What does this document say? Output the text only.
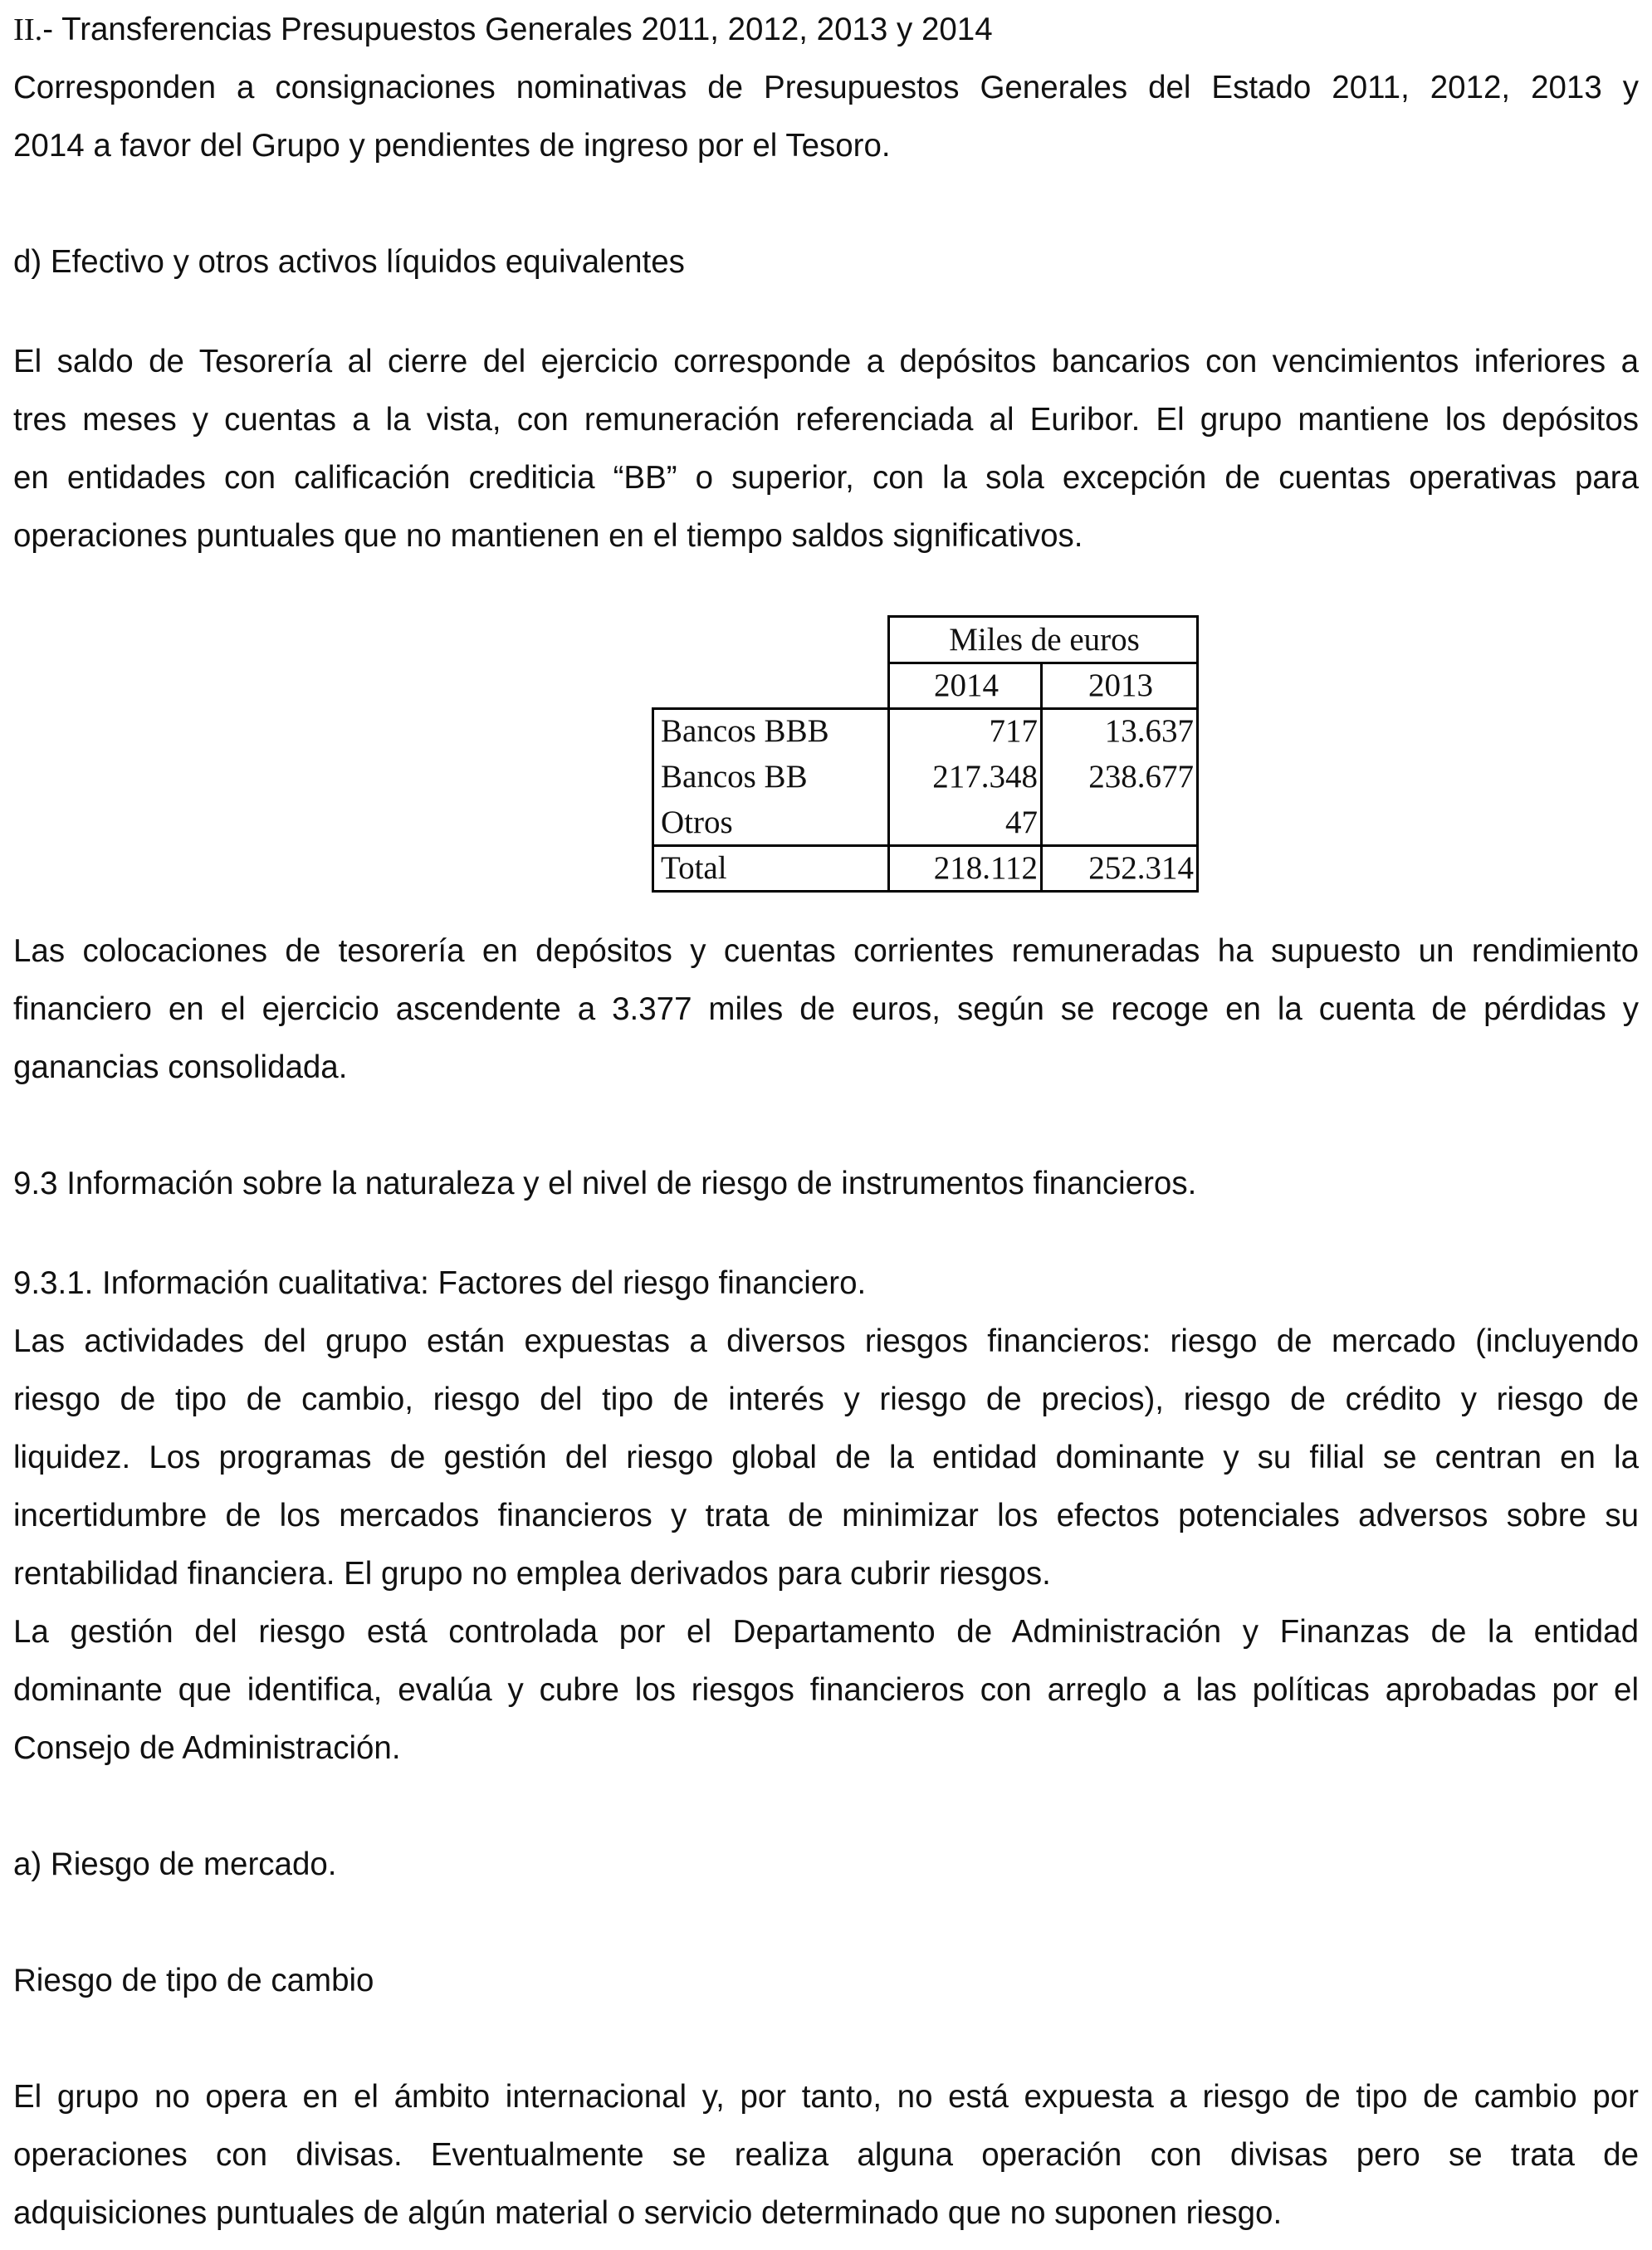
II.- Transferencias Presupuestos Generales 2011, 2012, 2013 y 2014
Corresponden a consignaciones nominativas de Presupuestos Generales del Estado 2011, 2012, 2013 y
2014 a favor del Grupo y pendientes de ingreso por el Tesoro.
d) Efectivo y otros activos líquidos equivalentes
El saldo de Tesorería al cierre del ejercicio corresponde a depósitos bancarios con vencimientos inferiores a
tres meses y cuentas a la vista, con remuneración referenciada al Euribor. El grupo mantiene los depósitos
en entidades con calificación crediticia “BB” o superior, con la sola excepción de cuentas operativas para
operaciones puntuales que no mantienen en el tiempo saldos significativos.
Miles de euros
2014	2013
Bancos BBB	717	13.637
Bancos BB	217.348	238.677
Otros	47
Total	218.112	252.314
Las colocaciones de tesorería en depósitos y cuentas corrientes remuneradas ha supuesto un rendimiento
financiero en el ejercicio ascendente a 3.377 miles de euros, según se recoge en la cuenta de pérdidas y
ganancias consolidada.
9.3 Información sobre la naturaleza y el nivel de riesgo de instrumentos financieros.
9.3.1. Información cualitativa: Factores del riesgo financiero.
Las actividades del grupo están expuestas a diversos riesgos financieros: riesgo de mercado (incluyendo
riesgo de tipo de cambio, riesgo del tipo de interés y riesgo de precios), riesgo de crédito y riesgo de
liquidez. Los programas de gestión del riesgo global de la entidad dominante y su filial se centran en la
incertidumbre de los mercados financieros y trata de minimizar los efectos potenciales adversos sobre su
rentabilidad financiera. El grupo no emplea derivados para cubrir riesgos.
La gestión del riesgo está controlada por el Departamento de Administración y Finanzas de la entidad
dominante que identifica, evalúa y cubre los riesgos financieros con arreglo a las políticas aprobadas por el
Consejo de Administración.
a) Riesgo de mercado.
Riesgo de tipo de cambio
El grupo no opera en el ámbito internacional y, por tanto, no está expuesta a riesgo de tipo de cambio por
operaciones con divisas. Eventualmente se realiza alguna operación con divisas pero se trata de
adquisiciones puntuales de algún material o servicio determinado que no suponen riesgo.
